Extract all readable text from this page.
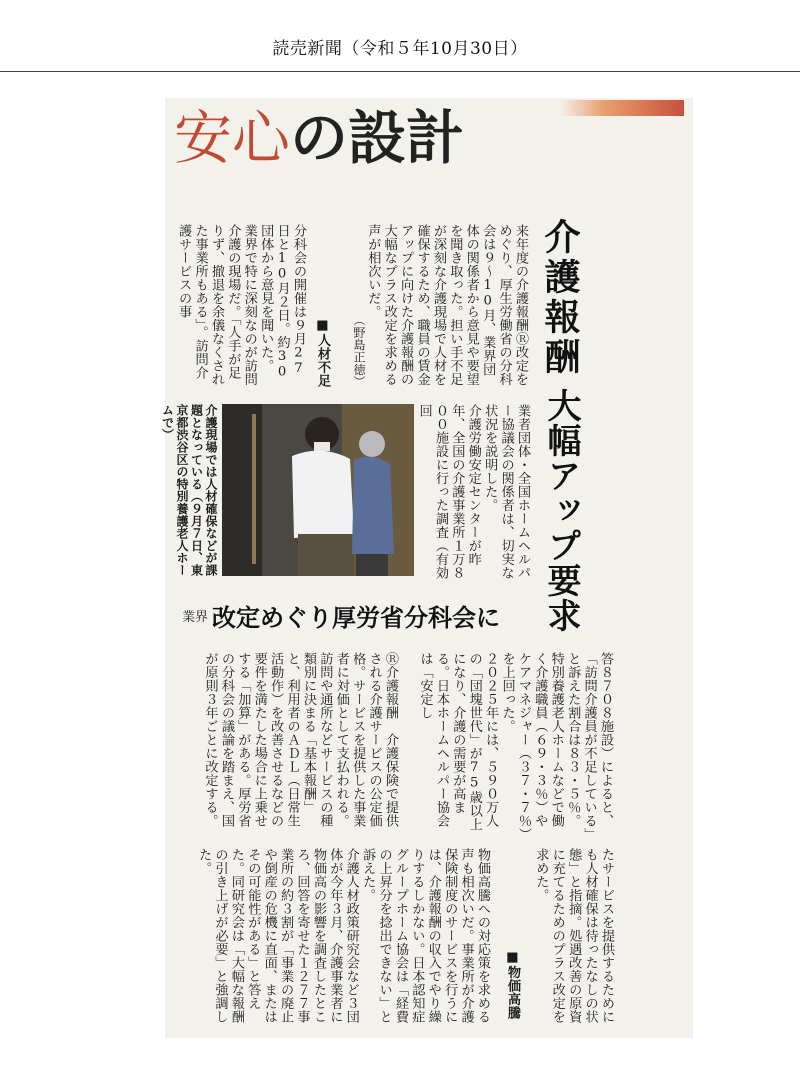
読売新聞（令和５年10月30日）
安心の設計
介護報酬
大幅アップ要求
来年度の介護報酬Ⓡ改定をめぐり、厚生労働省の分科会は９～10月、業界団体の関係者から意見や要望を聞き取った。担い手不足が深刻な介護現場で人材を確保するため、職員の賃金アップに向けた介護報酬の大幅なプラス改定を求める声が相次いだ。
（野島正徳）
■人材不足
分科会の開催は９月27日と10月２日。約30団体から意見を聞いた。
業界で特に深刻なのが訪問介護の現場だ。「人手が足りず、撤退を余儀なくされた事業所もある」。訪問介護サービスの事
業者団体・全国ホームヘルパー協議会の関係者は、切実な状況を説明した。
介護労働安定センターが昨年、全国の介護事業所１万８００施設に行った調査（有効回
介護現場では人材確保などが課題となっている（９月７日、東京都渋谷区の特別養護老人ホームで）
業界 改定めぐり厚労省分科会に
答８７０８施設）によると、「訪問介護員が不足している」と訴えた割合は８３・５％。特別養護老人ホームなどで働く介護職員（６９・３％）やケアマネジャー（３７・７％）を上回った。
２０２５年には、５９０万人の「団塊世代」が75歳以上になり、介護の需要が高まる。日本ホームヘルパー協会は「安定し
Ⓡ介護報酬　介護保険で提供される介護サービスの公定価格。サービスを提供した事業者に対価として支払われる。訪問や通所などサービスの種類別に決まる「基本報酬」と、利用者のＡＤＬ（日常生活動作）を改善させるなどの要件を満たした場合に上乗せする「加算」がある。厚労省の分科会の議論を踏まえ、国が原則３年ごとに改定する。
たサービスを提供するためにも人材確保は待ったなしの状態」と指摘。処遇改善の原資に充てるためのプラス改定を求めた。
■物価高騰
物価高騰への対応策を求める声も相次いだ。事業所が介護保険制度のサービスを行うには、介護報酬の収入でやり繰りするしかない。日本認知症グループホーム協会は「経費の上昇分を捻出できない」と訴えた。
介護人材政策研究会など３団体が今年３月、介護事業者に物価高の影響を調査したところ、回答を寄せた１２７７事業所の約３割が「事業の廃止や倒産の危機に直面、またはその可能性がある」と答えた。同研究会は「大幅な報酬の引き上げが必要」と強調した。
